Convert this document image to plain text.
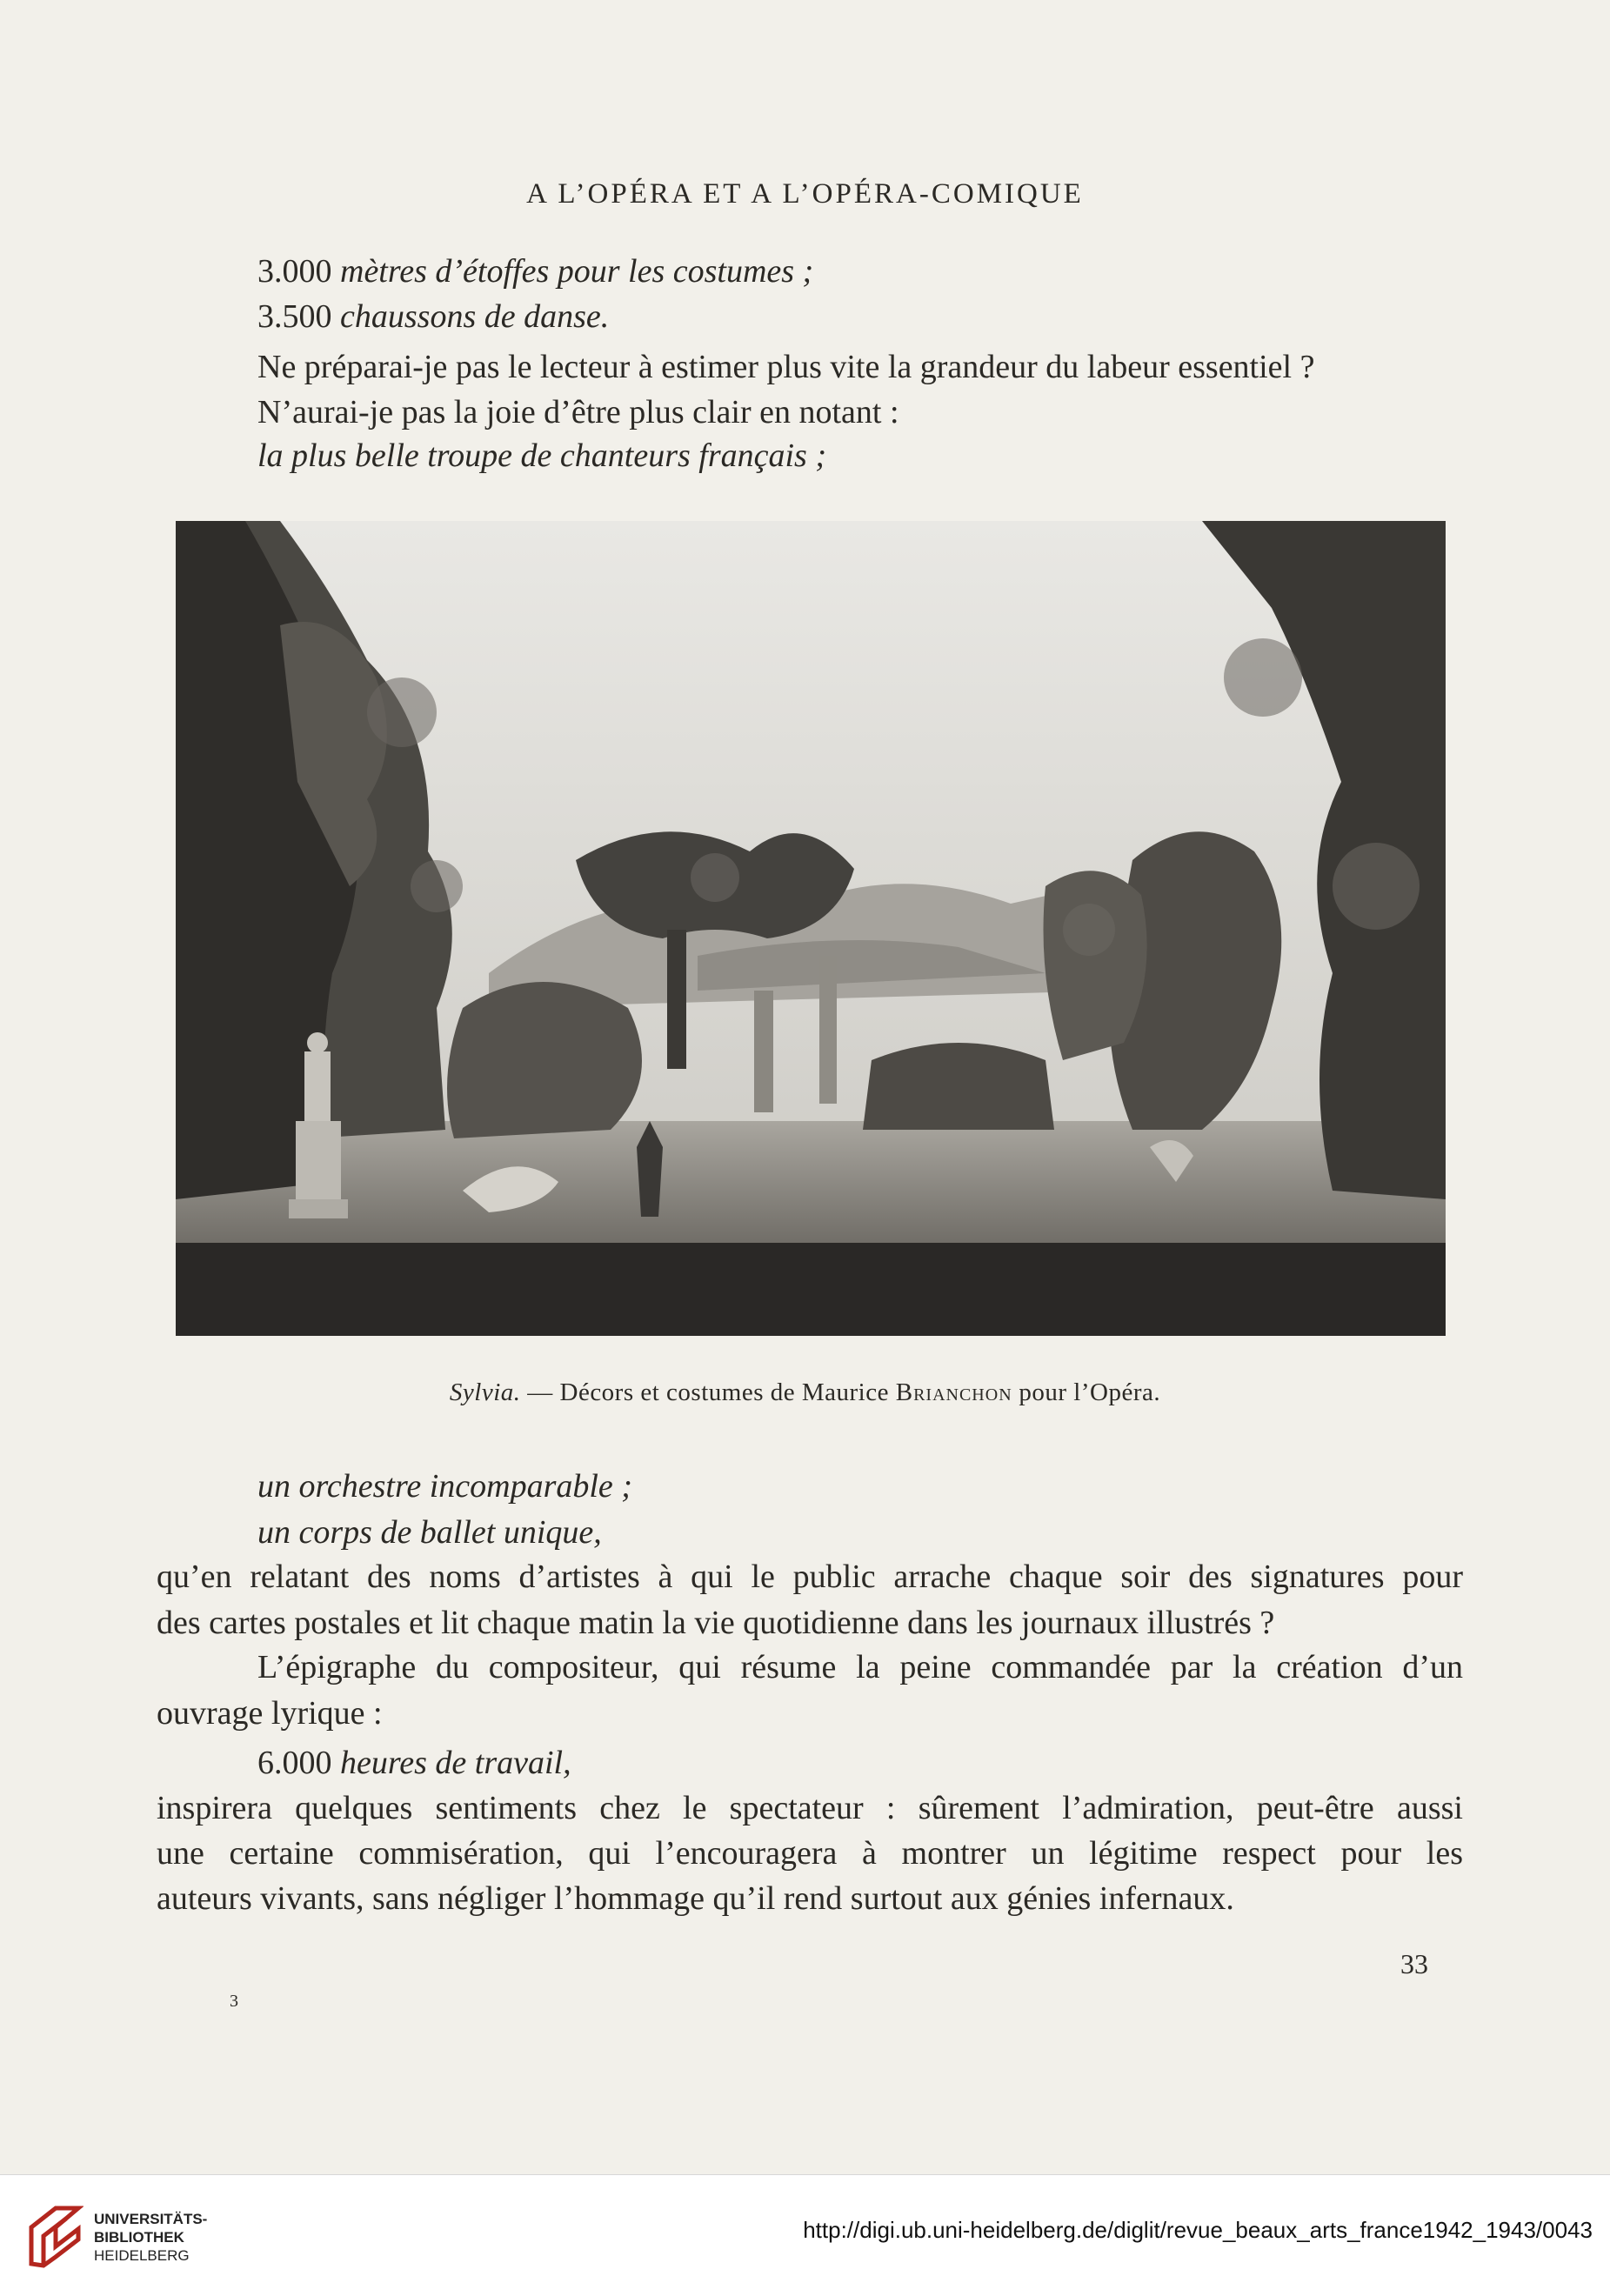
A L’OPÉRA ET A L’OPÉRA-COMIQUE
3.000 mètres d’étoffes pour les costumes ;
3.500 chaussons de danse.
Ne préparai-je pas le lecteur à estimer plus vite la grandeur du labeur essentiel ?
N’aurai-je pas la joie d’être plus clair en notant :
la plus belle troupe de chanteurs français ;
Sylvia. — Décors et costumes de Maurice Brianchon pour l’Opéra.
un orchestre incomparable ;
un corps de ballet unique,
qu’en relatant des noms d’artistes à qui le public arrache chaque soir des signatures pour
des cartes postales et lit chaque matin la vie quotidienne dans les journaux illustrés ?
L’épigraphe du compositeur, qui résume la peine commandée par la création d’un
ouvrage lyrique :
6.000 heures de travail,
inspirera quelques sentiments chez le spectateur : sûrement l’admiration, peut-être aussi
une certaine commisération, qui l’encouragera à montrer un légitime respect pour les
auteurs vivants, sans négliger l’hommage qu’il rend surtout aux génies infernaux.
33
3
UNIVERSITÄTS-
BIBLIOTHEK
HEIDELBERG
http://digi.ub.uni-heidelberg.de/diglit/revue_beaux_arts_france1942_1943/0043
